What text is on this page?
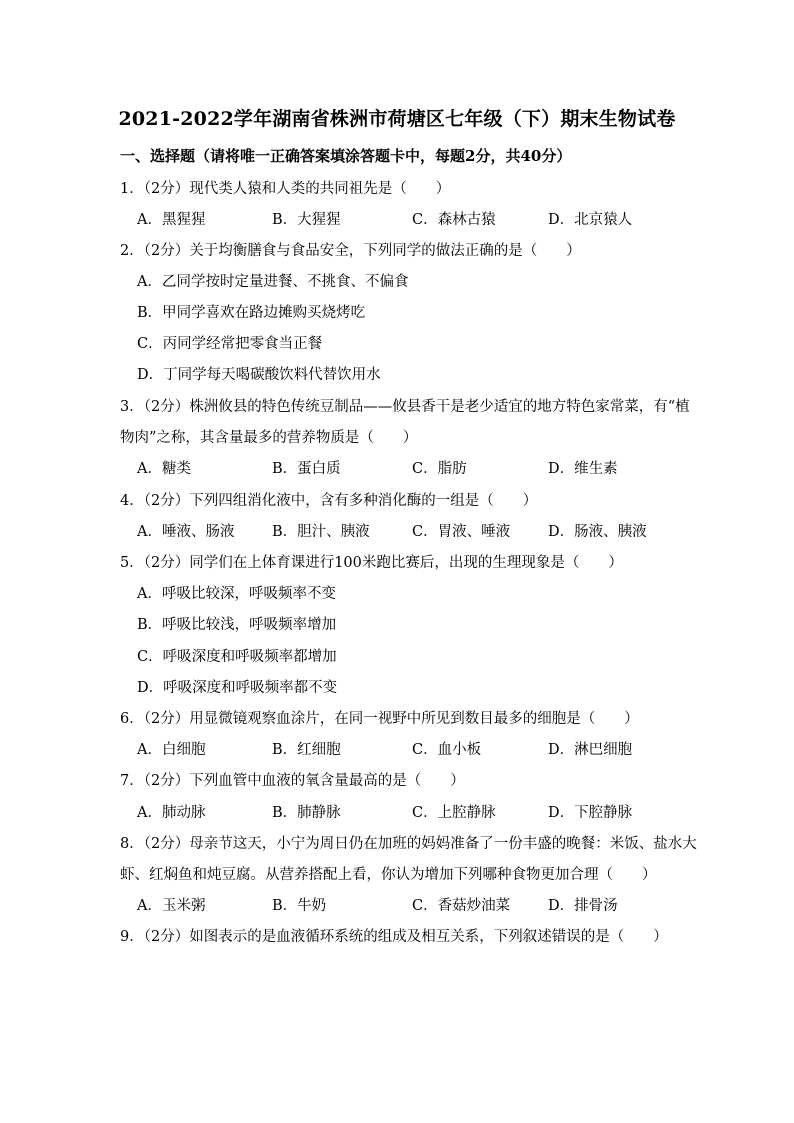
2021-2022学年湖南省株洲市荷塘区七年级（下）期末生物试卷
一、选择题（请将唯一正确答案填涂答题卡中，每题2分，共40分）
1．（2分）现代类人猿和人类的共同祖先是（　　）
A．黑猩猩	B．大猩猩	C．森林古猿	D．北京猿人
2．（2分）关于均衡膳食与食品安全，下列同学的做法正确的是（　　）
A．乙同学按时定量进餐、不挑食、不偏食
B．甲同学喜欢在路边摊购买烧烤吃
C．丙同学经常把零食当正餐
D．丁同学每天喝碳酸饮料代替饮用水
3．（2分）株洲攸县的特色传统豆制品——攸县香干是老少适宜的地方特色家常菜，有“植
物肉”之称，其含量最多的营养物质是（　　）
A．糖类	B．蛋白质	C．脂肪	D．维生素
4．（2分）下列四组消化液中，含有多种消化酶的一组是（　　）
A．唾液、肠液	B．胆汁、胰液	C．胃液、唾液	D．肠液、胰液
5．（2分）同学们在上体育课进行100米跑比赛后，出现的生理现象是（　　）
A．呼吸比较深，呼吸频率不变
B．呼吸比较浅，呼吸频率增加
C．呼吸深度和呼吸频率都增加
D．呼吸深度和呼吸频率都不变
6．（2分）用显微镜观察血涂片，在同一视野中所见到数目最多的细胞是（　　）
A．白细胞	B．红细胞	C．血小板	D．淋巴细胞
7．（2分）下列血管中血液的氧含量最高的是（　　）
A．肺动脉	B．肺静脉	C．上腔静脉	D．下腔静脉
8．（2分）母亲节这天，小宁为周日仍在加班的妈妈准备了一份丰盛的晚餐：米饭、盐水大
虾、红焖鱼和炖豆腐。从营养搭配上看，你认为增加下列哪种食物更加合理（　　）
A．玉米粥	B．牛奶	C．香菇炒油菜	D．排骨汤
9．（2分）如图表示的是血液循环系统的组成及相互关系，下列叙述错误的是（　　）
